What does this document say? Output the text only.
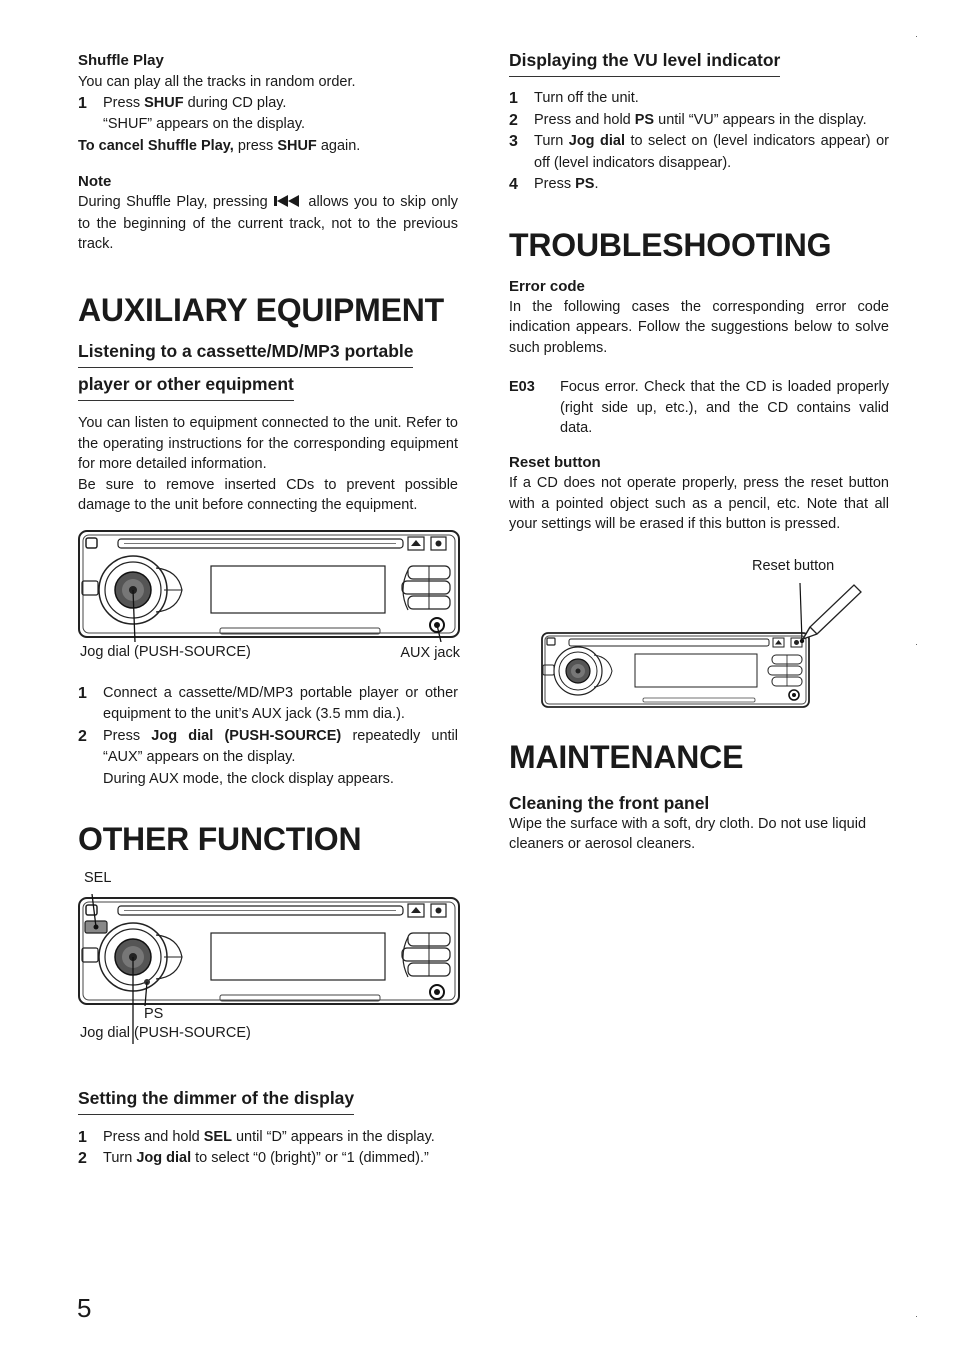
Shuffle Play

You can play all the tracks in random order.

1	Press SHUF during CD play.
“SHUF” appears on the display.

To cancel Shuffle Play, press SHUF again.

Note

During Shuffle Play, pressing  allows you to skip only to the beginning of the current track, not to the previous track.

AUXILIARY EQUIPMENT

Listening to a cassette/MD/MP3 portable
player or other equipment

You can listen to equipment connected to the unit. Refer to the operating instructions for the corresponding equipment for more detailed information.

Be sure to remove inserted CDs to prevent possible damage to the unit before connecting the equipment.

Jog dial (PUSH-SOURCE)	AUX jack
1	Connect a cassette/MD/MP3 portable player or other equipment to the unit’s AUX jack (3.5 mm dia.).
2	Press Jog dial (PUSH-SOURCE) repeatedly until “AUX” appears on the display.
During AUX mode, the clock display appears.

OTHER FUNCTION

SEL
PS
Jog dial (PUSH-SOURCE)
Setting the dimmer of the display
1	Press and hold SEL until “D” appears in the display.
2	Turn Jog dial to select “0 (bright)” or “1 (dimmed).”
Displaying the VU level indicator
1	Turn off the unit.
2	Press and hold PS until “VU” appears in the display.
3	Turn Jog dial to select on (level indicators appear) or off (level indicators disappear).
4	Press PS.

TROUBLESHOOTING

Error code

In the following cases the corresponding error code indication appears. Follow the suggestions below to solve such problems.

E03	Focus error. Check that the CD is loaded properly (right side up, etc.), and the CD contains valid data.

Reset button

If a CD does not operate properly, press the reset button with a pointed object such as a pencil, etc. Note that all your settings will be erased if this button is pressed.

Reset button

MAINTENANCE

Cleaning the front panel

Wipe the surface with a soft, dry cloth. Do not use liquid cleaners or aerosol cleaners.

5
